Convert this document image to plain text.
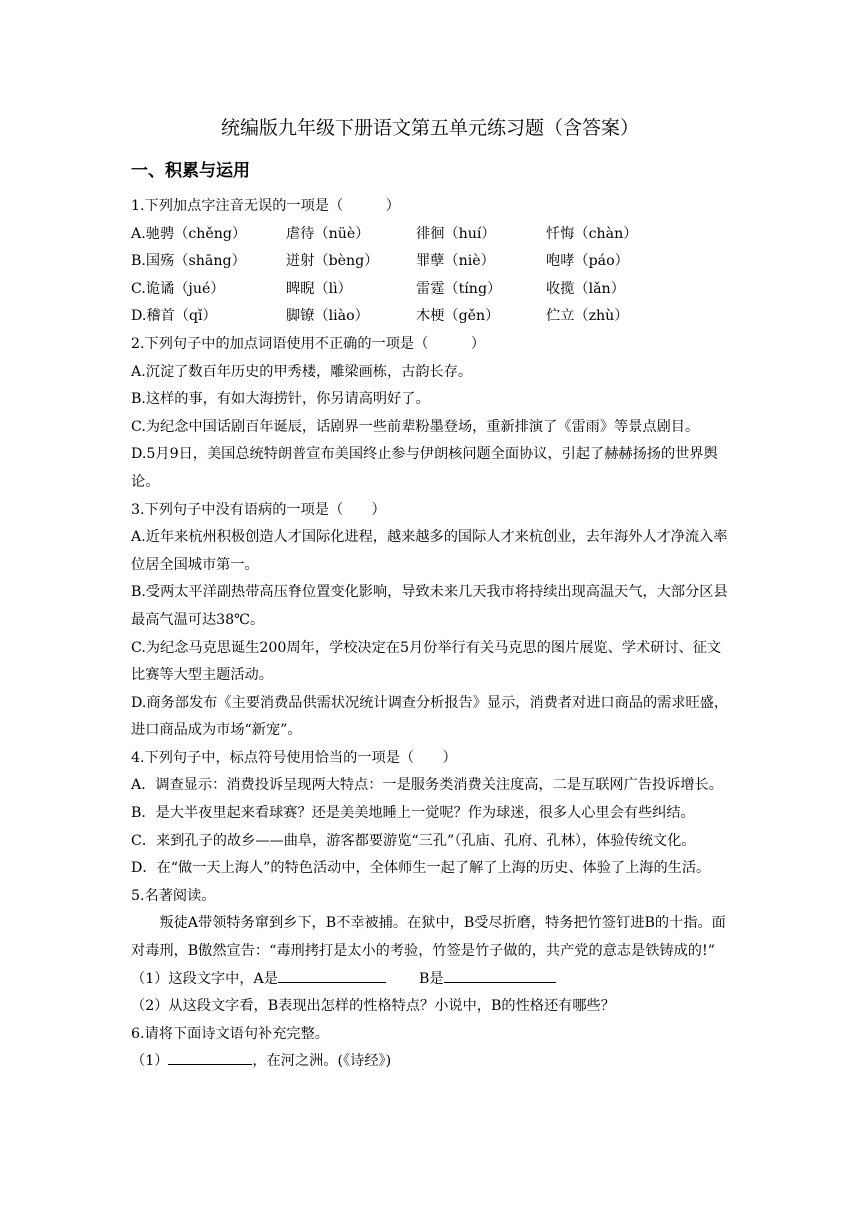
统编版九年级下册语文第五单元练习题（含答案）
一、积累与运用

1.下列加点字注音无误的一项是（　　　）

A.驰骋（chěng）	虐待（nüè）	徘徊（huí）	忏悔（chàn）

B.国殇（shāng）	迸射（bèng）	罪孽（niè）	咆哮（páo）

C.诡谲（jué）	睥睨（lì）	雷霆（tíng）	收揽（lǎn）

D.稽首（qǐ）	脚镣（liào）	木梗（gěn）	伫立（zhù）

2.下列句子中的加点词语使用不正确的一项是（　　　）

A.沉淀了数百年历史的甲秀楼，雕梁画栋，古韵长存。

B.这样的事，有如大海捞针，你另请高明好了。

C.为纪念中国话剧百年诞辰，话剧界一些前辈粉墨登场，重新排演了《雷雨》等景点剧目。

D.5月9日，美国总统特朗普宣布美国终止参与伊朗核问题全面协议，引起了赫赫扬扬的世界舆论。

3.下列句子中没有语病的一项是（　　）

A.近年来杭州积极创造人才国际化进程，越来越多的国际人才来杭创业，去年海外人才净流入率位居全国城市第一。

B.受两太平洋副热带高压脊位置变化影响，导致未来几天我市将持续出现高温天气，大部分区县最高气温可达38℃。

C.为纪念马克思诞生200周年，学校决定在5月份举行有关马克思的图片展览、学术研讨、征文比赛等大型主题活动。

D.商务部发布《主要消费品供需状况统计调查分析报告》显示，消费者对进口商品的需求旺盛，进口商品成为市场“新宠”。

4.下列句子中，标点符号使用恰当的一项是（　　）

A．调查显示：消费投诉呈现两大特点：一是服务类消费关注度高，二是互联网广告投诉增长。

B．是大半夜里起来看球赛？还是美美地睡上一觉呢？作为球迷，很多人心里会有些纠结。

C．来到孔子的故乡——曲阜，游客都要游览“三孔”（孔庙、孔府、孔林），体验传统文化。

D．在“做一天上海人”的特色活动中，全体师生一起了解了上海的历史、体验了上海的生活。

5.名著阅读。

叛徒A带领特务窜到乡下，B不幸被捕。在狱中，B受尽折磨，特务把竹签钉进B的十指。面对毒刑，B傲然宣告：“毒刑拷打是太小的考验，竹签是竹子做的，共产党的意志是铁铸成的!”

（1）这段文字中，A是	B是

（2）从这段文字看，B表现出怎样的性格特点？小说中，B的性格还有哪些？

6.请将下面诗文语句补充完整。

（1）	，在河之洲。(《诗经》)
